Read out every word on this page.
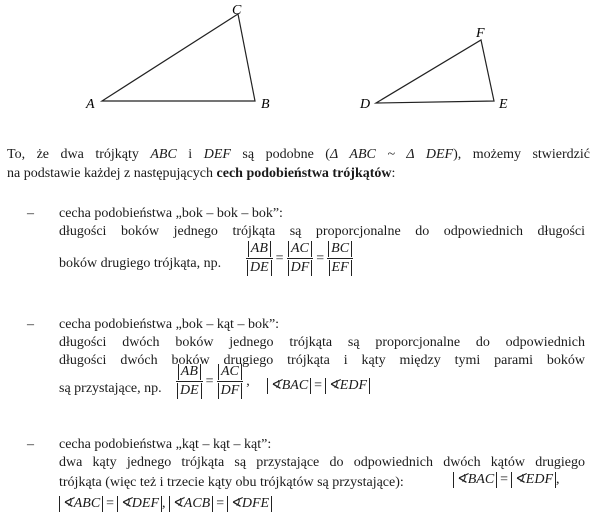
A	B
C
D	E
F
To, że dwa trójkąty ABC i DEF są podobne (Δ ABC ~ Δ DEF), możemy stwierdzić
na podstawie każdej z następujących cech podobieństwa trójkątów:
– cecha podobieństwa „bok – bok – bok”:
długości boków jednego trójkąta są proporcjonalne do odpowiednich długości
boków drugiego trójkąta, np. $\frac{AB}{DE} = \frac{AC}{DF} = \frac{BC}{EF}$
– cecha podobieństwa „bok – kąt – bok”:
długości dwóch boków jednego trójkąta są proporcjonalne do odpowiednich
długości dwóch boków drugiego trójkąta i kąty między tymi parami boków
są przystające, np. $\frac{AB}{DE} = \frac{AC}{DF}$ , ∢BAC = ∢EDF
– cecha podobieństwa „kąt – kąt – kąt”:
dwa kąty jednego trójkąta są przystające do odpowiednich dwóch kątów drugiego
trójkąta (więc też i trzecie kąty obu trójkątów są przystające):	∢BAC = ∢EDF ,
∢ABC = ∢DEF , ∢ACB = ∢DFE
